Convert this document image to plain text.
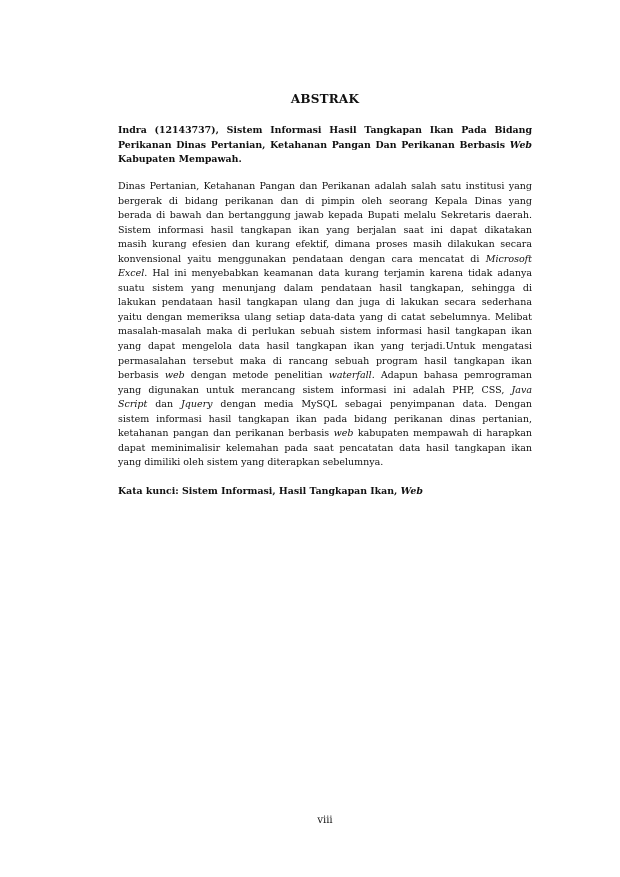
ABSTRAK
Indra (12143737), Sistem Informasi Hasil Tangkapan Ikan Pada Bidang
Perikanan Dinas Pertanian, Ketahanan Pangan Dan Perikanan Berbasis Web
Kabupaten Mempawah.
Dinas Pertanian, Ketahanan Pangan dan Perikanan adalah salah satu institusi yang
bergerak di bidang perikanan dan di pimpin oleh seorang Kepala Dinas yang
berada di bawah dan bertanggung jawab kepada Bupati melalu Sekretaris daerah.
Sistem informasi hasil tangkapan ikan yang berjalan saat ini dapat dikatakan
masih kurang efesien dan kurang efektif, dimana proses masih dilakukan secara
konvensional yaitu menggunakan pendataan dengan cara mencatat di Microsoft
Excel. Hal ini menyebabkan keamanan data kurang terjamin karena tidak adanya
suatu sistem yang menunjang dalam pendataan hasil tangkapan, sehingga di
lakukan pendataan hasil tangkapan ulang dan juga di lakukan secara sederhana
yaitu dengan memeriksa ulang setiap data-data yang di catat sebelumnya. Melibat
masalah-masalah maka di perlukan sebuah sistem informasi hasil tangkapan ikan
yang dapat mengelola data hasil tangkapan ikan yang terjadi.Untuk mengatasi
permasalahan tersebut maka di rancang sebuah program hasil tangkapan ikan
berbasis web dengan metode penelitian waterfall. Adapun bahasa pemrograman
yang digunakan untuk merancang sistem informasi ini adalah PHP, CSS, Java
Script dan Jquery dengan media MySQL sebagai penyimpanan data. Dengan
sistem informasi hasil tangkapan ikan pada bidang perikanan dinas pertanian,
ketahanan pangan dan perikanan berbasis web kabupaten mempawah di harapkan
dapat meminimalisir kelemahan pada saat pencatatan data hasil tangkapan ikan
yang dimiliki oleh sistem yang diterapkan sebelumnya.
Kata kunci: Sistem Informasi, Hasil Tangkapan Ikan, Web
viii
